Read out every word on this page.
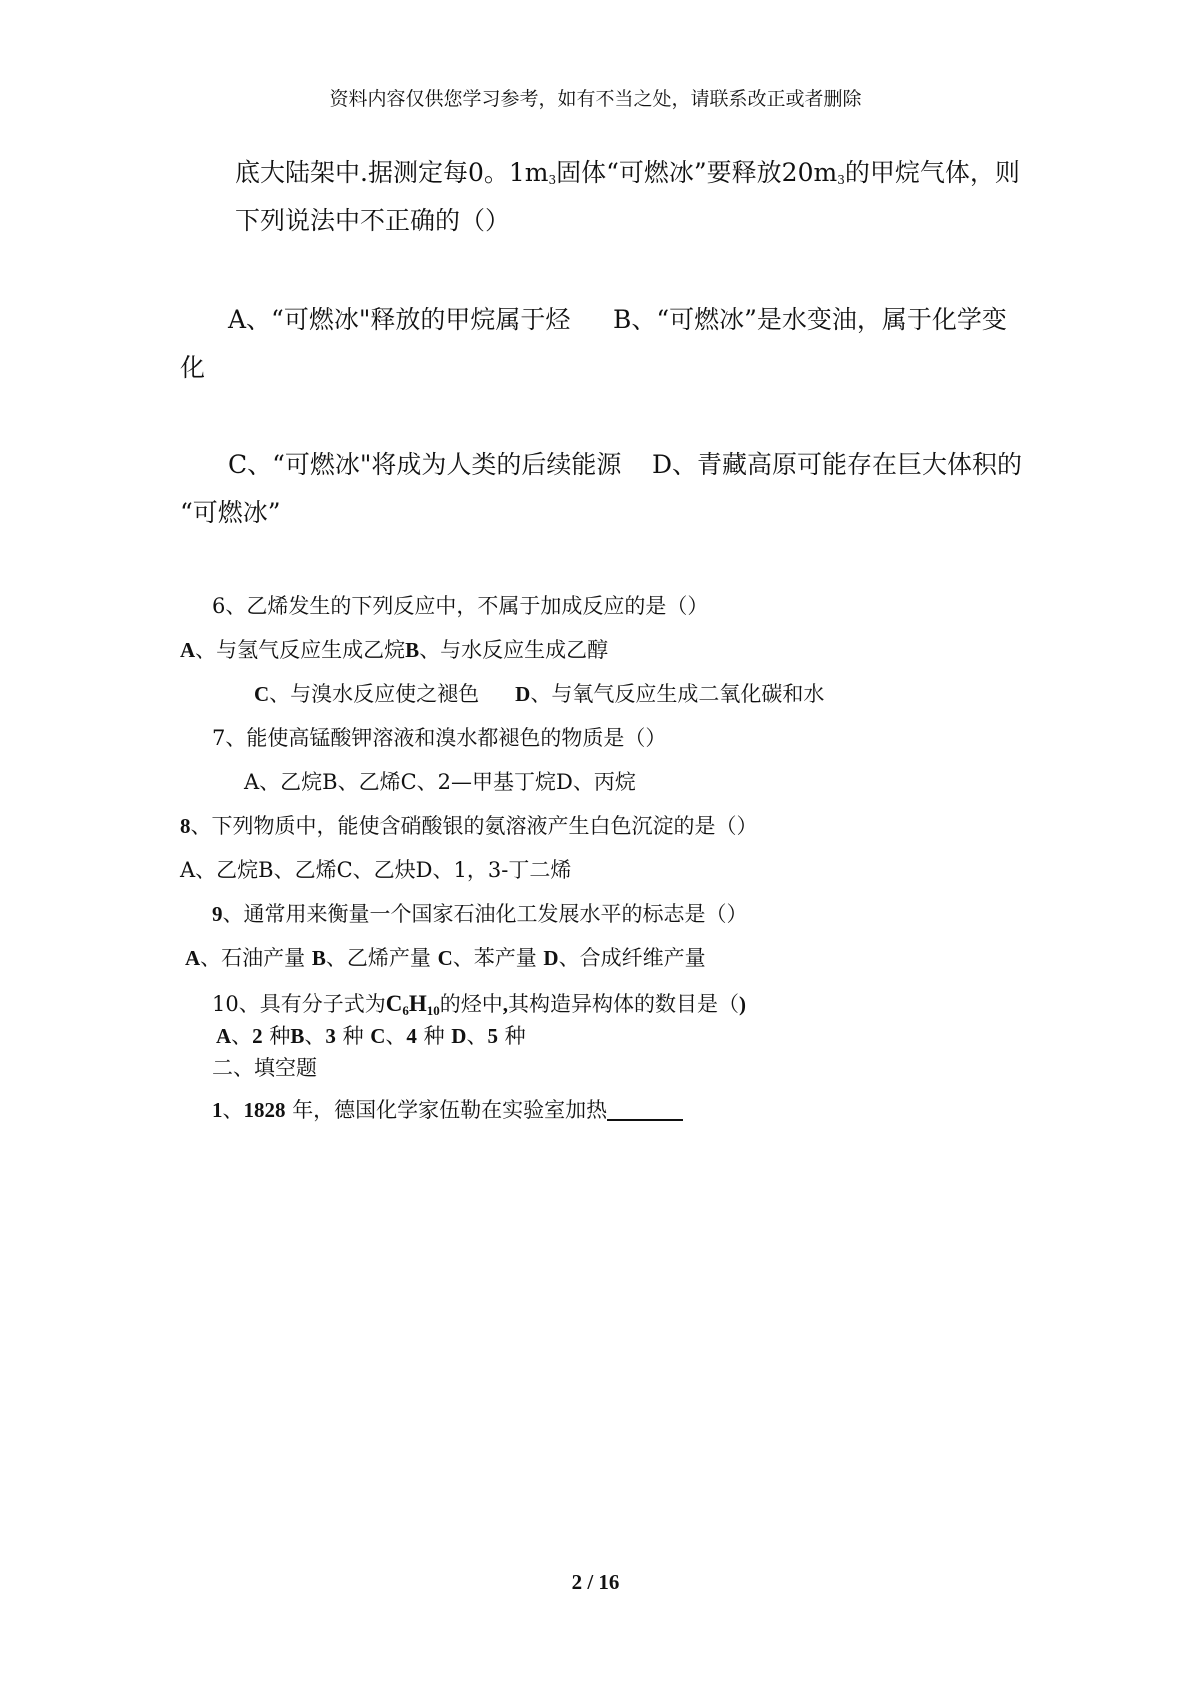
资料内容仅供您学习参考，如有不当之处，请联系改正或者删除
底大陆架中.据测定每0。$1m_3$固体“可燃冰”要释放$20m_3$的甲烷气体，则
下列说法中不正确的（）
A、“可燃冰"释放的甲烷属于烃 B、“可燃冰”是水变油，属于化学变
化
C、“可燃冰"将成为人类的后续能源 D、青藏高原可能存在巨大体积的
“可燃冰”
6、乙烯发生的下列反应中，不属于加成反应的是（）
A、与氢气反应生成乙烷B、与水反应生成乙醇
C、与溴水反应使之褪色 D、与氧气反应生成二氧化碳和水
7、能使高锰酸钾溶液和溴水都褪色的物质是（）
A、乙烷B、乙烯C、2—甲基丁烷D、丙烷
8、下列物质中，能使含硝酸银的氨溶液产生白色沉淀的是（）
A、乙烷B、乙烯C、乙炔D、1，3-丁二烯
9、通常用来衡量一个国家石油化工发展水平的标志是（）
A、石油产量 B、乙烯产量 C、苯产量 D、合成纤维产量
10、具有分子式为$C_6H_{10}$的烃中,其构造异构体的数目是（)
A、2 种B、3 种 C、4 种 D、5 种
二、填空题
1、1828 年，德国化学家伍勒在实验室加热
2 / 16
